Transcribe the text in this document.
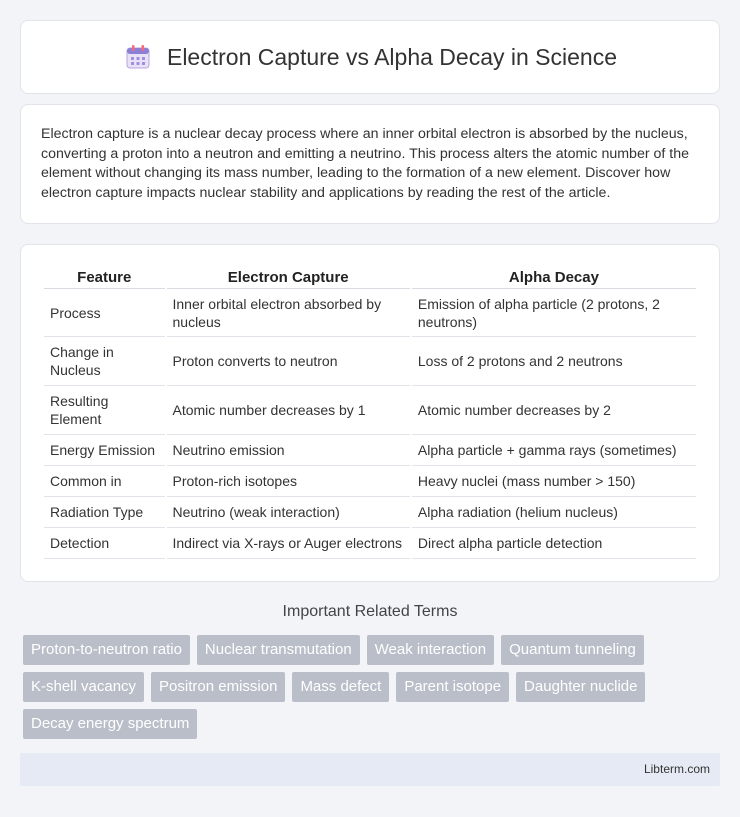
Electron Capture vs Alpha Decay in Science

Electron capture is a nuclear decay process where an inner orbital electron is absorbed by the nucleus, converting a proton into a neutron and emitting a neutrino. This process alters the atomic number of the element without changing its mass number, leading to the formation of a new element. Discover how electron capture impacts nuclear stability and applications by reading the rest of the article.

Feature	Electron Capture	Alpha Decay
Process	Inner orbital electron absorbed by nucleus	Emission of alpha particle (2 protons, 2 neutrons)
Change in Nucleus	Proton converts to neutron	Loss of 2 protons and 2 neutrons
Resulting Element	Atomic number decreases by 1	Atomic number decreases by 2
Energy Emission	Neutrino emission	Alpha particle + gamma rays (sometimes)
Common in	Proton-rich isotopes	Heavy nuclei (mass number > 150)
Radiation Type	Neutrino (weak interaction)	Alpha radiation (helium nucleus)
Detection	Indirect via X-rays or Auger electrons	Direct alpha particle detection
Important Related Terms
Proton-to-neutron ratio	Nuclear transmutation	Weak interaction	Quantum tunneling
K-shell vacancy	Positron emission	Mass defect	Parent isotope	Daughter nuclide
Decay energy spectrum
Libterm.com
